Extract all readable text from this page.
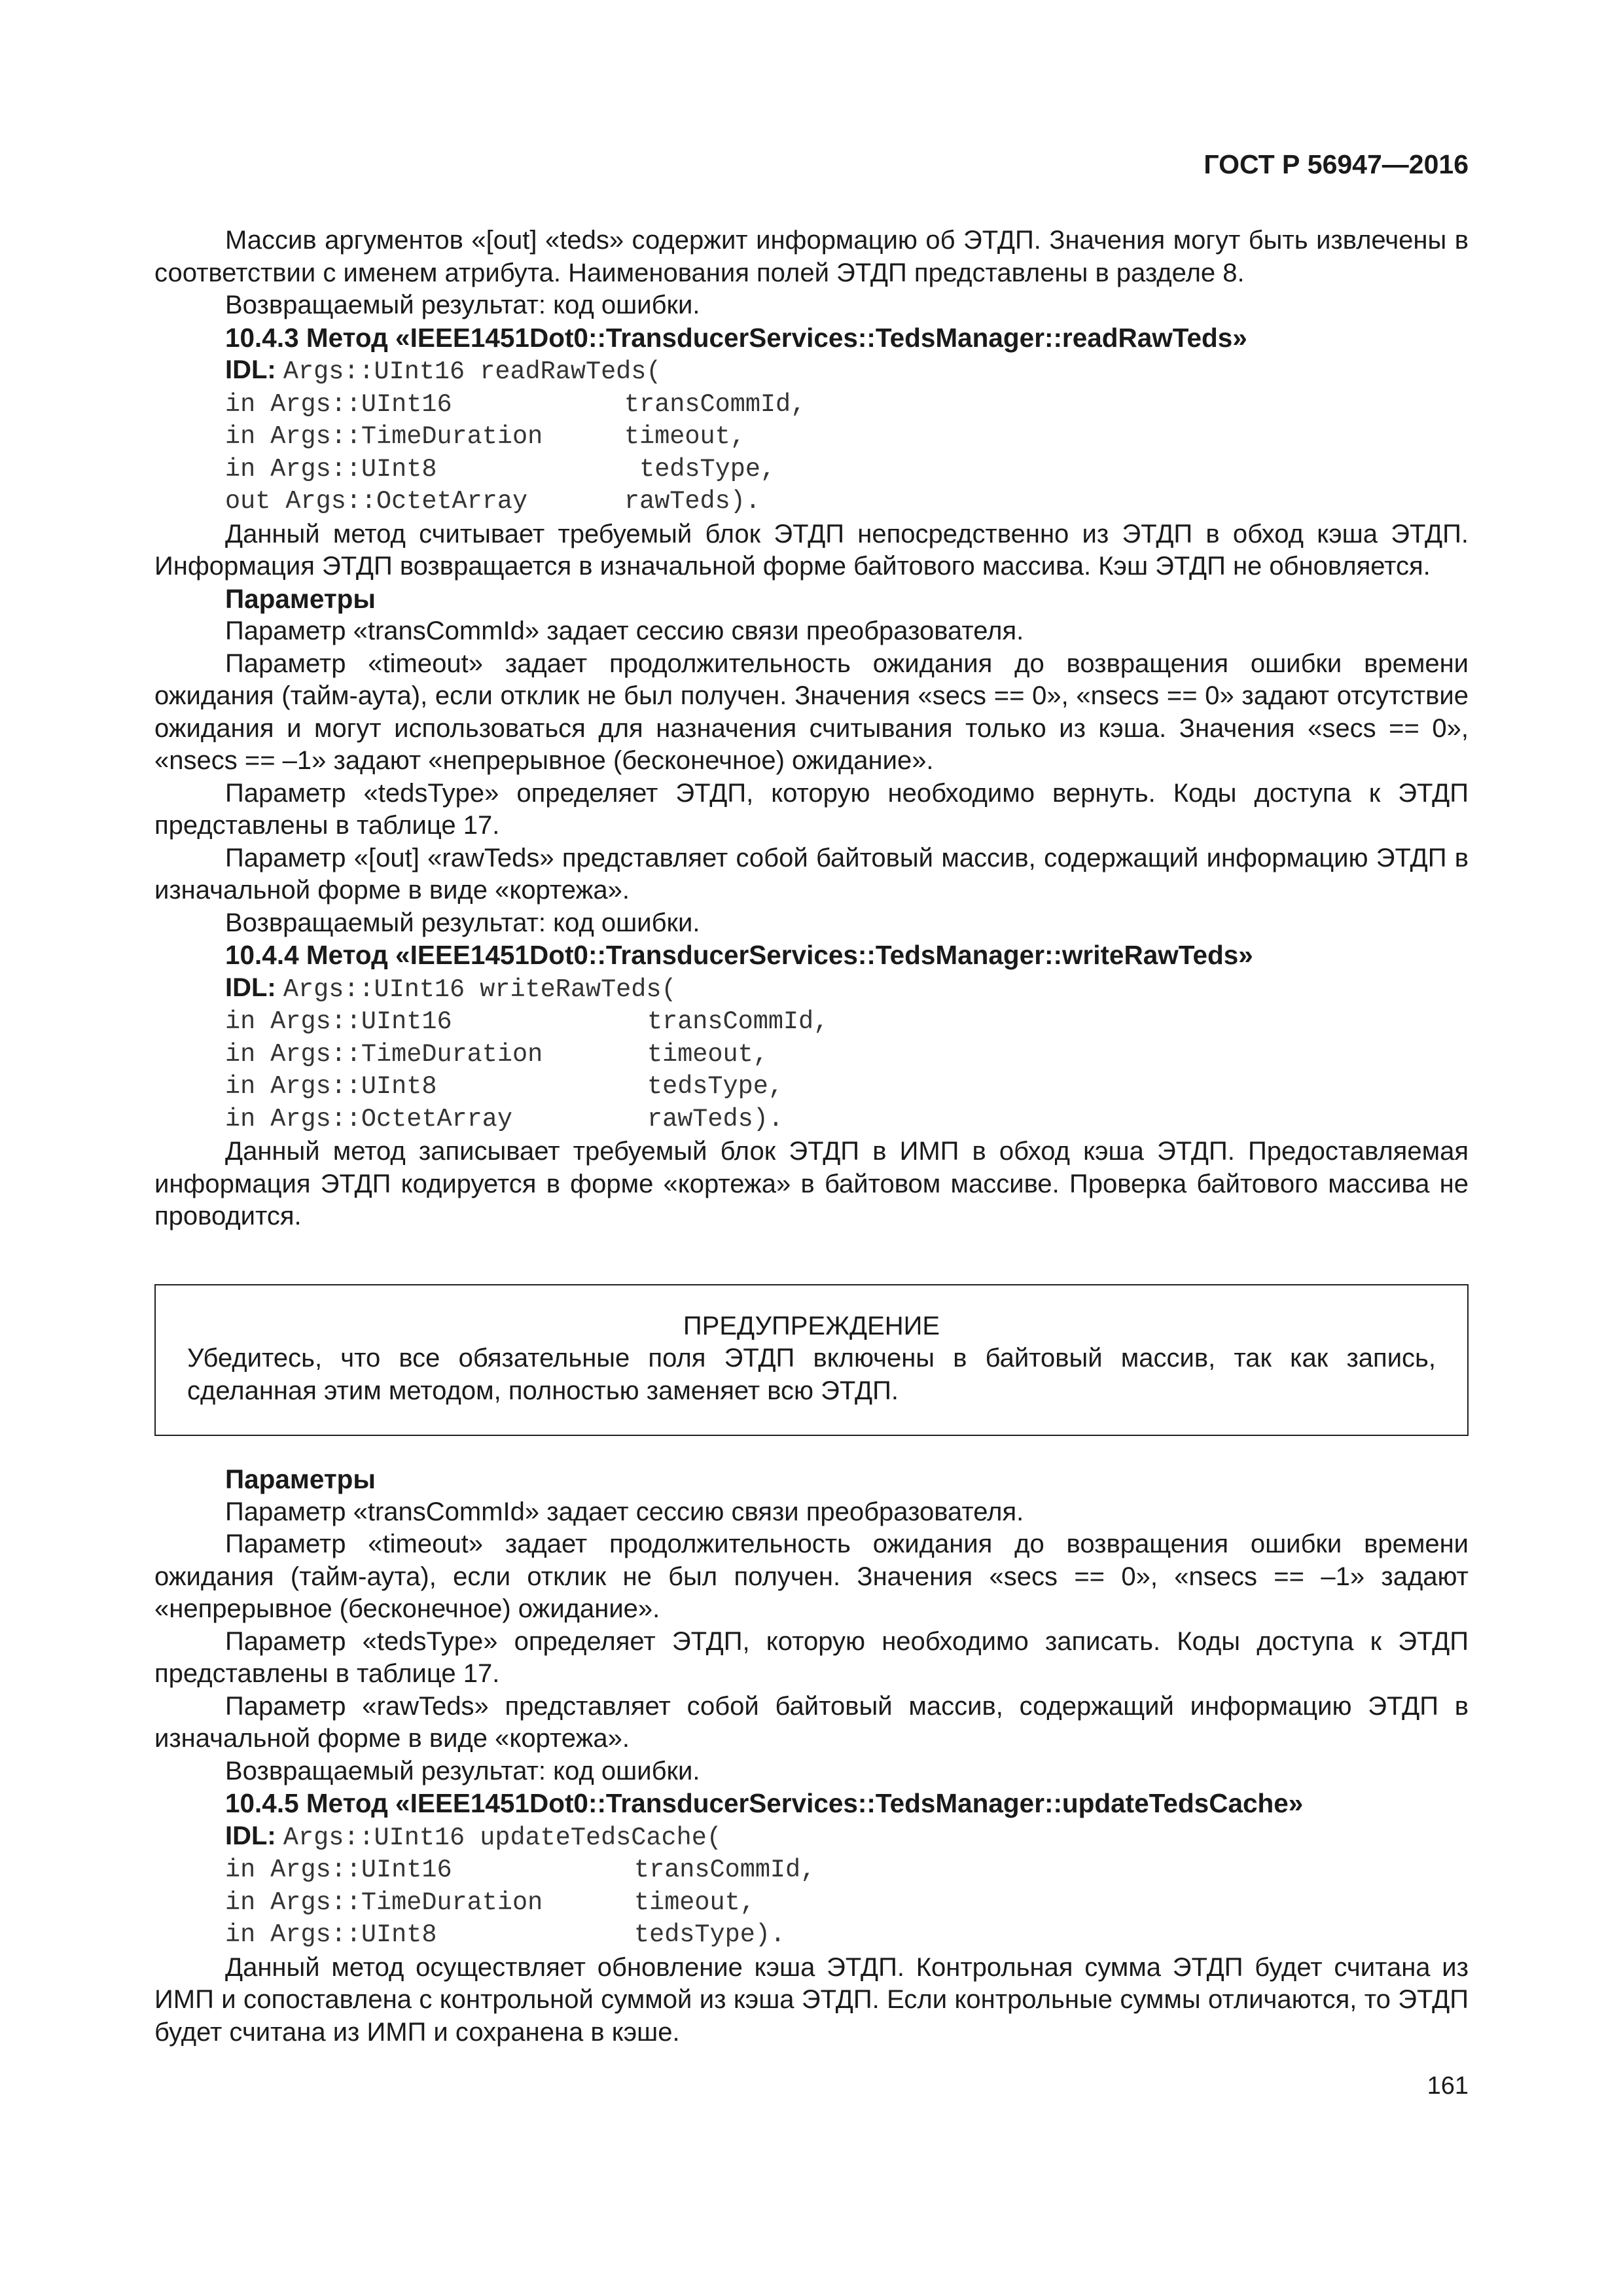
ГОСТ Р 56947—2016

Массив аргументов «[out] «teds» содержит информацию об ЭТДП. Значения могут быть извлечены в соответствии с именем атрибута. Наименования полей ЭТДП представлены в разделе 8.

Возвращаемый результат: код ошибки.

10.4.3 Метод «IEEE1451Dot0::TransducerServices::TedsManager::readRawTeds»

IDL: Args::UInt16 readRawTeds(

in Args::UInt16	transCommId,

in Args::TimeDuration	timeout,

in Args::UInt8	tedsType,

out Args::OctetArray	rawTeds).

Данный метод считывает требуемый блок ЭТДП непосредственно из ЭТДП в обход кэша ЭТДП. Информация ЭТДП возвращается в изначальной форме байтового массива. Кэш ЭТДП не обновляется.

Параметры

Параметр «transCommId» задает сессию связи преобразователя.

Параметр «timeout» задает продолжительность ожидания до возвращения ошибки времени ожидания (тайм-аута), если отклик не был получен. Значения «secs == 0», «nsecs == 0» задают отсутствие ожидания и могут использоваться для назначения считывания только из кэша. Значения «secs == 0», «nsecs == –1» задают «непрерывное (бесконечное) ожидание».

Параметр «tedsType» определяет ЭТДП, которую необходимо вернуть. Коды доступа к ЭТДП представлены в таблице 17.

Параметр «[out] «rawTeds» представляет собой байтовый массив, содержащий информацию ЭТДП в изначальной форме в виде «кортежа».

Возвращаемый результат: код ошибки.

10.4.4 Метод «IEEE1451Dot0::TransducerServices::TedsManager::writeRawTeds»

IDL: Args::UInt16 writeRawTeds(

in Args::UInt16	transCommId,

in Args::TimeDuration	timeout,

in Args::UInt8	tedsType,

in Args::OctetArray	rawTeds).

Данный метод записывает требуемый блок ЭТДП в ИМП в обход кэша ЭТДП. Предоставляемая информация ЭТДП кодируется в форме «кортежа» в байтовом массиве. Проверка байтового массива не проводится.

ПРЕДУПРЕЖДЕНИЕ

Убедитесь, что все обязательные поля ЭТДП включены в байтовый массив, так как запись, сделанная этим методом, полностью заменяет всю ЭТДП.

Параметры

Параметр «transCommId» задает сессию связи преобразователя.

Параметр «timeout» задает продолжительность ожидания до возвращения ошибки времени ожидания (тайм-аута), если отклик не был получен. Значения «secs == 0», «nsecs == –1» задают «непрерывное (бесконечное) ожидание».

Параметр «tedsType» определяет ЭТДП, которую необходимо записать. Коды доступа к ЭТДП представлены в таблице 17.

Параметр «rawTeds» представляет собой байтовый массив, содержащий информацию ЭТДП в изначальной форме в виде «кортежа».

Возвращаемый результат: код ошибки.

10.4.5 Метод «IEEE1451Dot0::TransducerServices::TedsManager::updateTedsCache»

IDL: Args::UInt16 updateTedsCache(

in Args::UInt16	transCommId,

in Args::TimeDuration	timeout,

in Args::UInt8	tedsType).

Данный метод осуществляет обновление кэша ЭТДП. Контрольная сумма ЭТДП будет считана из ИМП и сопоставлена с контрольной суммой из кэша ЭТДП. Если контрольные суммы отличаются, то ЭТДП будет считана из ИМП и сохранена в кэше.

161
